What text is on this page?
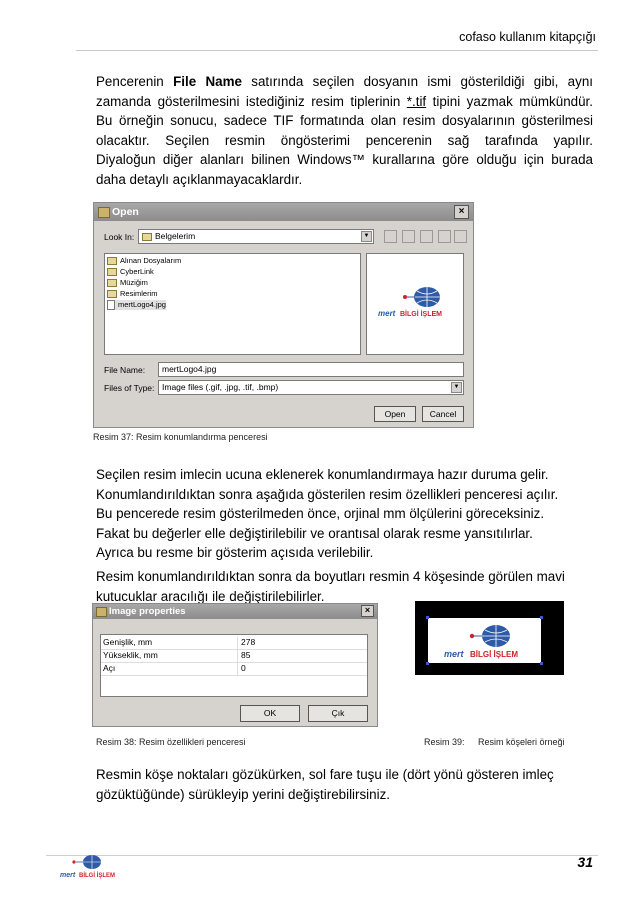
cofaso kullanım kitapçığı
Pencerenin File Name satırında seçilen dosyanın ismi gösterildiği gibi, aynı
zamanda gösterilmesini istediğiniz resim tiplerinin *.tif tipini yazmak mümkündür.
Bu örneğin sonucu, sadece TIF formatında olan resim dosyalarının gösterilmesi
olacaktır. Seçilen resmin öngösterimi pencerenin sağ tarafında yapılır.
Diyaloğun diğer alanları bilinen Windows™ kurallarına göre olduğu için burada
daha detaylı açıklanmayacaklardır.
Open	×
Look In:	Belgelerim	▼
Alınan Dosyalarım
CyberLink
Müziğim
Resimlerim
mertLogo4.jpg
mert BİLGİ İŞLEM
File Name:	mertLogo4.jpg
Files of Type: Image files (.gif, .jpg, .tif, .bmp)	▼
Open	Cancel
Resim 37: Resim konumlandırma penceresi
Seçilen resim imlecin ucuna eklenerek konumlandırmaya hazır duruma gelir.
Konumlandırıldıktan sonra aşağıda gösterilen resim özellikleri penceresi açılır.
Bu pencerede resim gösterilmeden önce, orjinal mm ölçülerini göreceksiniz.
Fakat bu değerler elle değiştirilebilir ve orantısal olarak resme yansıtılırlar.
Ayrıca bu resme bir gösterim açısıda verilebilir.
Resim konumlandırıldıktan sonra da boyutları resmin 4 köşesinde görülen mavi
kutucuklar aracılığı ile değiştirilebilirler.
Image properties	×
Genişlik, mm	278
Yükseklik, mm	85
Açı	0
OK	Çık
mert BİLGİ İŞLEM
Resim 38: Resim özellikleri penceresi	Resim 39: Resim köşeleri örneği
Resmin köşe noktaları gözükürken, sol fare tuşu ile (dört yönü gösteren imleç
gözüktüğünde) sürükleyip yerini değiştirebilirsiniz.
mert BİLGİ İŞLEM
31
